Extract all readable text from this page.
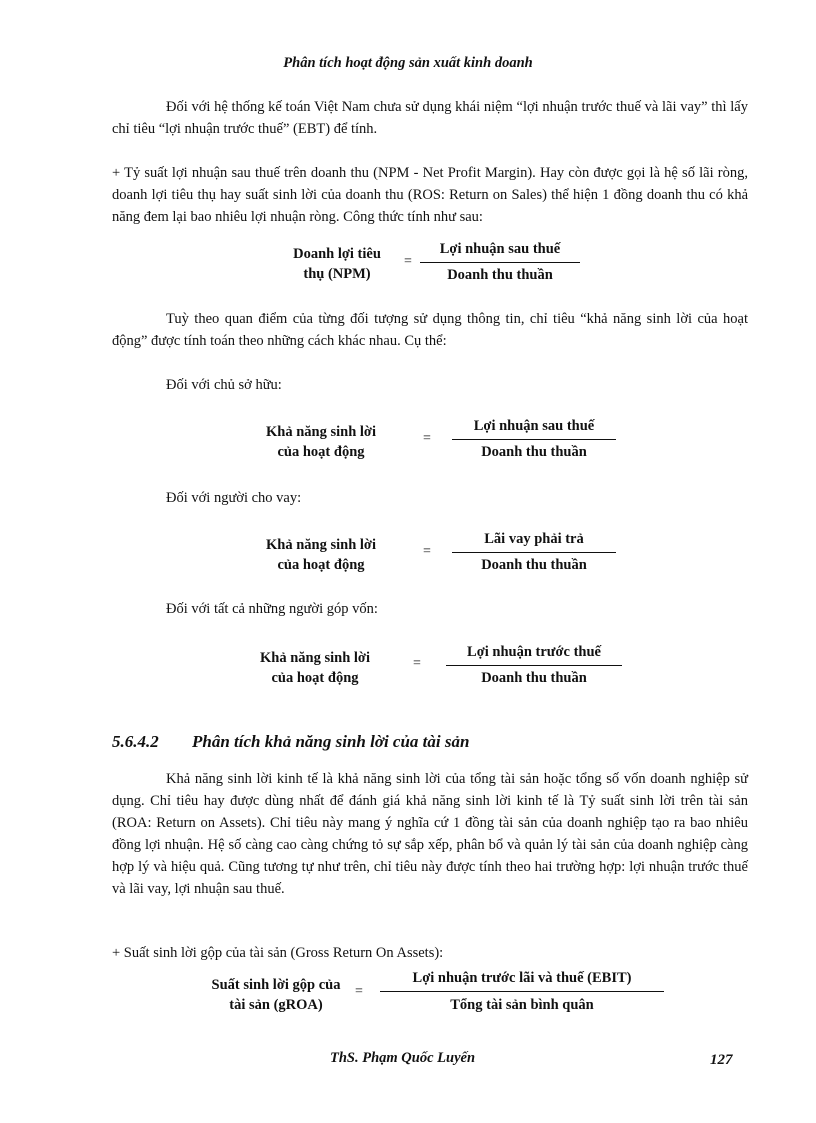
Phân tích hoạt động sản xuất kinh doanh
Đối với hệ thống kế toán Việt Nam chưa sử dụng khái niệm “lợi nhuận trước thuế và lãi vay” thì lấy chỉ tiêu “lợi nhuận trước thuế” (EBT) để tính.
+ Tỷ suất lợi nhuận sau thuế trên doanh thu (NPM - Net Profit Margin). Hay còn được gọi là hệ số lãi ròng, doanh lợi tiêu thụ hay suất sinh lời của doanh thu (ROS: Return on Sales) thể hiện 1 đồng doanh thu có khả năng đem lại bao nhiêu lợi nhuận ròng. Công thức tính như sau:
Doanh lợi tiêu
thụ (NPM)
=
Lợi nhuận sau thuế
Doanh thu thuần
Tuỳ theo quan điểm của từng đối tượng sử dụng thông tin, chỉ tiêu “khả năng sinh lời của hoạt động” được tính toán theo những cách khác nhau. Cụ thể:
Đối với chủ sở hữu:
Khả năng sinh lời
của hoạt động
=
Lợi nhuận sau thuế
Doanh thu thuần
Đối với người cho vay:
Khả năng sinh lời
của hoạt động
=
Lãi vay phải trả
Doanh thu thuần
Đối với tất cả những người góp vốn:
Khả năng sinh lời
của hoạt động
=
Lợi nhuận trước thuế
Doanh thu thuần
5.6.4.2 Phân tích khả năng sinh lời của tài sản
Khả năng sinh lời kinh tế là khả năng sinh lời của tổng tài sản hoặc tổng số vốn doanh nghiệp sử dụng. Chỉ tiêu hay được dùng nhất để đánh giá khả năng sinh lời kinh tế là Tỷ suất sinh lời trên tài sản (ROA: Return on Assets). Chỉ tiêu này mang ý nghĩa cứ 1 đồng tài sản của doanh nghiệp tạo ra bao nhiêu đồng lợi nhuận. Hệ số càng cao càng chứng tỏ sự sắp xếp, phân bổ và quản lý tài sản của doanh nghiệp càng hợp lý và hiệu quả. Cũng tương tự như trên, chỉ tiêu này được tính theo hai trường hợp: lợi nhuận trước thuế và lãi vay, lợi nhuận sau thuế.
+ Suất sinh lời gộp của tài sản (Gross Return On Assets):
Suất sinh lời gộp của
tài sản (gROA)
=
Lợi nhuận trước lãi và thuế (EBIT)
Tổng tài sản bình quân
ThS. Phạm Quốc Luyến	127
